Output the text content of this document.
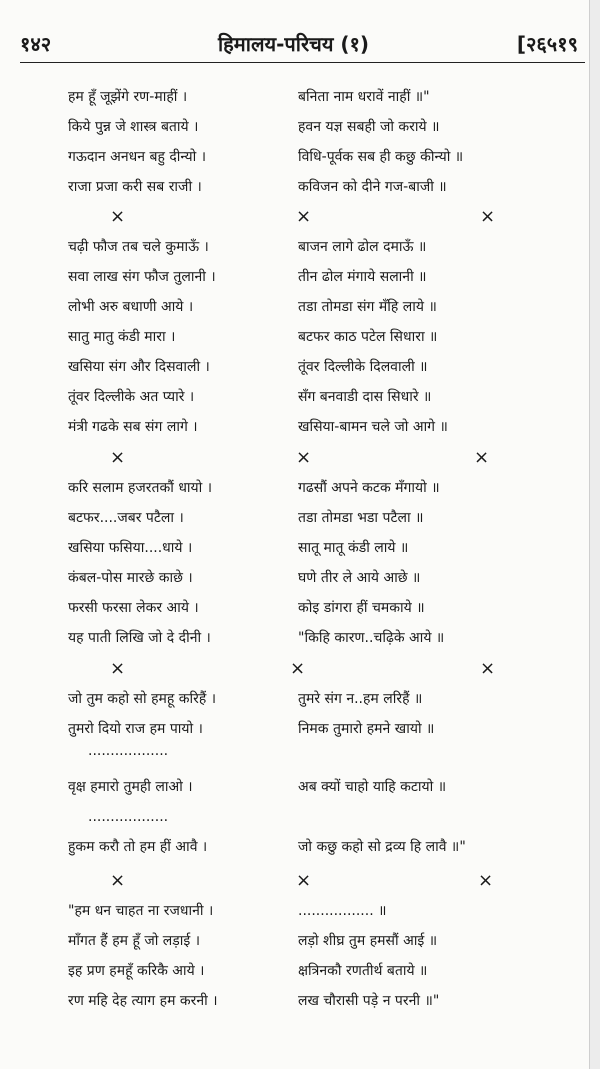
१४२	हिमालय-परिचय (१)	[२६५१९
हम हूँ जूझेंगे रण-माहीं ।	बनिता नाम धरावें नाहीं ॥"
किये पुन्न जे शास्त्र बताये ।	हवन यज्ञ सबही जो कराये ॥
गऊदान अनधन बहु दीन्यो ।	विधि-पूर्वक सब ही कछु कीन्यो ॥
राजा प्रजा करी सब राजी ।	कविजन को दीने गज-बाजी ॥
×	×	×
चढ़ी फौज तब चले कुमाऊँ ।	बाजन लागे ढोल दमाऊँ ॥
सवा लाख संग फौज तुलानी ।	तीन ढोल मंगाये सलानी ॥
लोभी अरु बधाणी आये ।	तडा तोमडा संग मँहि लाये ॥
सातु मातु कंडी मारा ।	बटफर काठ पटेल सिधारा ॥
खसिया संग और दिसवाली ।	तूंवर दिल्लीके दिलवाली ॥
तूंवर दिल्लीके अत प्यारे ।	सँग बनवाडी दास सिधारे ॥
मंत्री गढके सब संग लागे ।	खसिया-बामन चले जो आगे ॥
×	×	×
करि सलाम हजरतकौं धायो ।	गढसौं अपने कटक मँगायो ॥
बटफर....जबर पटैला ।	तडा तोमडा भडा पटैला ॥
खसिया फसिया....धाये ।	सातू मातू कंडी लाये ॥
कंबल-पोस मारछे काछे ।	घणे तीर ले आये आछे ॥
फरसी फरसा लेकर आये ।	कोइ डांगरा हीं चमकाये ॥
यह पाती लिखि जो दे दीनी ।	"किहि कारण..चढ़िके आये ॥
×	×	×
जो तुम कहो सो हमहू करिहैं ।	तुमरे संग न..हम लरिहैं ॥
तुमरो दियो राज हम पायो ।	निमक तुमारो हमने खायो ॥
..................
वृक्ष हमारो तुमही लाओ ।	अब क्यों चाहो याहि कटायो ॥
..................
हुकम करौ तो हम हीं आवै ।	जो कछु कहो सो द्रव्य हि लावै ॥"
×	×	×
"हम धन चाहत ना रजधानी ।	................. ॥
माँगत हैं हम हूँ जो लड़ाई ।	लड़ो शीघ्र तुम हमसौं आई ॥
इह प्रण हमहूँ करिकै आये ।	क्षत्रिनकौ रणतीर्थ बताये ॥
रण महि देह त्याग हम करनी ।	लख चौरासी पड़े न परनी ॥"
